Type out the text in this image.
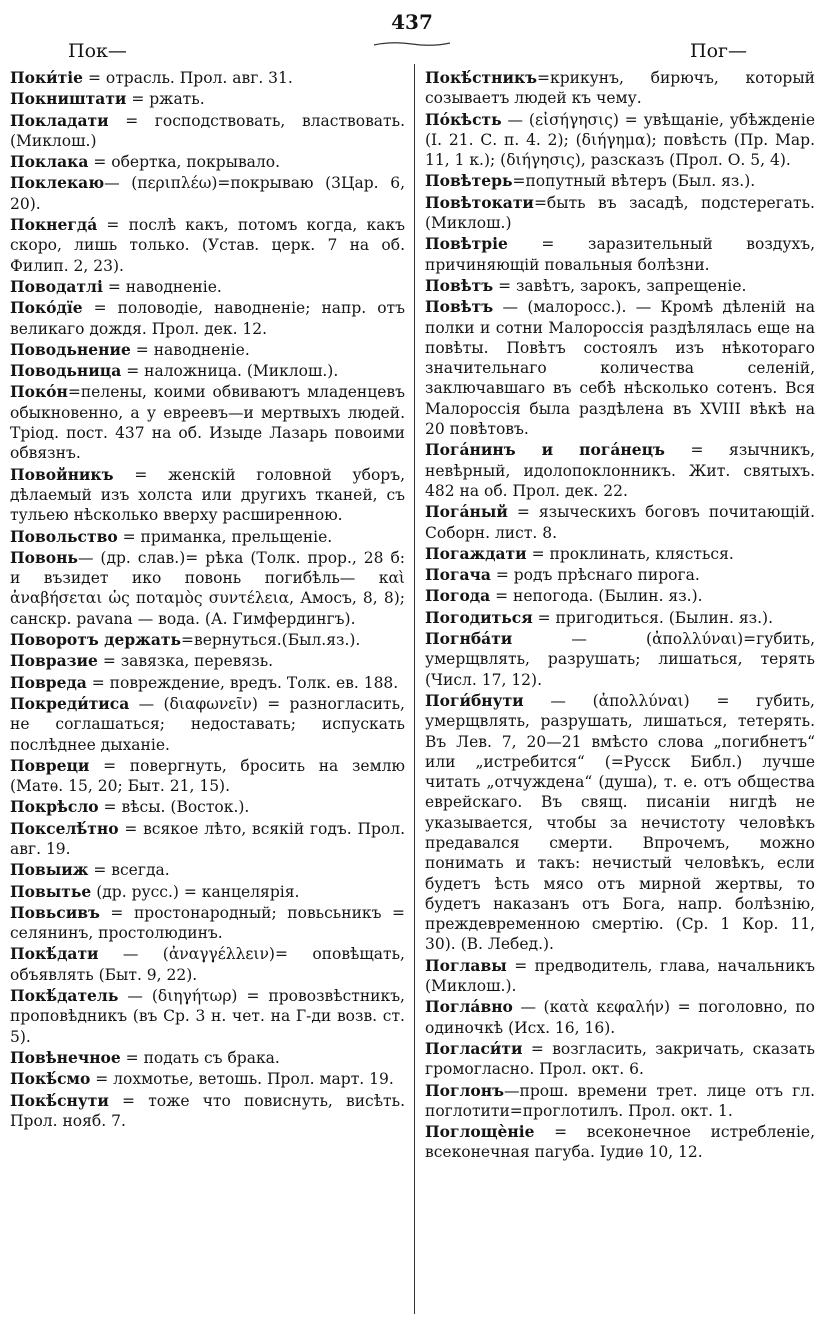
437
Пок—	Пог—
Поки́тіе = отрасль. Прол. авг. 31.
Покништати = ржать.
Покладати = господствовать, властвовать. (Миклош.)
Поклака = обертка, покрывало.
Поклекаю— (περιπλέω)=покрываю (3Цар. 6, 20).
Покнегда́ = послѣ какъ, потомъ когда, какъ скоро, лишь только. (Устав. церк. 7 на об. Филип. 2, 23).
Поводатлі = наводненіе.
Поко́дїе = половодіе, наводненіе; напр. отъ великаго дождя. Прол. дек. 12.
Поводьнение = наводненіе.
Поводьница = наложница. (Миклош.).
Поко́н=пелены, коими обвиваютъ младенцевъ обыкновенно, а у евреевъ—и мертвыхъ людей. Тріод. пост. 437 на об. Изыде Лазарь повоими обвязнъ.
Повойникъ = женскій головной уборъ, дѣлаемый изъ холста или другихъ тканей, съ тульею нѣсколько вверху расширенною.
Повольство = приманка, прельщеніе.
Повонь— (др. слав.)= рѣка (Толк. прор., 28 б: и възидет ико повонь погибѣль— καὶ ἀναβήσεται ὡς ποταμὸς συντέλεια, Амосъ, 8, 8); санскр. pavana — вода. (А. Гимфердингъ).
Поворотъ держать=вернуться.(Был.яз.).
Повразие = завязка, перевязь.
Повреда = повреждение, вредъ. Толк. ев. 188.
Покреди́тиса — (διαφωνεῖν) = разногласить, не соглашаться; недоставать; испускать послѣднее дыханіе.
Повреци = повергнуть, бросить на землю (Матѳ. 15, 20; Быт. 21, 15).
Покрѣсло = вѣсы. (Восток.).
Покселѣ́тно = всякое лѣто, всякій годъ. Прол. авг. 19.
Повыиж = всегда.
Повытье (др. русс.) = канцелярія.
Повьсивъ = простонародный; повьсьникъ = селянинъ, простолюдинъ.
Покѣ́дати — (ἀναγγέλλειν)= оповѣщать, объявлять (Быт. 9, 22).
Покѣ́датель — (διηγήτωρ) = провозвѣстникъ, проповѣдникъ (въ Ср. 3 н. чет. на Г-ди возв. ст. 5).
Повѣнечное = подать съ брака.
Покѣ́смо = лохмотье, ветошь. Прол. март. 19.
Покѣ́снути = тоже что повиснуть, висѣть. Прол. нояб. 7.
Покѣ́стникъ=крикунъ, бирючъ, который созываетъ людей къ чему.
По́кѣсть — (εἰσήγησις) = увѣщаніе, убѣжденіе (I. 21. С. п. 4. 2); (διήγημα); повѣсть (Пр. Мар. 11, 1 к.); (διήγησις), разсказъ (Прол. О. 5, 4).
Повѣтерь=попутный вѣтеръ (Был. яз.).
Повѣтокати=быть въ засадѣ, подстерегать. (Миклош.)
Повѣтріе = заразительный воздухъ, причиняющій повальныя болѣзни.
Повѣтъ = завѣтъ, зарокъ, запрещеніе.
Повѣтъ — (малоросс.). — Кромѣ дѣленій на полки и сотни Малороссія раздѣлялась еще на повѣты. Повѣтъ состоялъ изъ нѣкотораго значительнаго количества селеній, заключавшаго въ себѣ нѣсколько сотенъ. Вся Малороссія была раздѣлена въ XVIII вѣкѣ на 20 повѣтовъ.
Пога́нинъ и пога́нецъ = язычникъ, невѣрный, идолопоклонникъ. Жит. святыхъ. 482 на об. Прол. дек. 22.
Пога́ный = языческихъ боговъ почитающій. Соборн. лист. 8.
Погаждати = проклинать, клясться.
Погача = родъ прѣснаго пирога.
Погода = непогода. (Былин. яз.).
Погодиться = пригодиться. (Былин. яз.).
Погнба́ти — (ἀπολλύναι)=губить, умерщвлять, разрушать; лишаться, терять (Числ. 17, 12).
Поги́бнути — (ἀπολλύναι) = губить, умерщвлять, разрушать, лишаться, тетерять. Въ Лев. 7, 20—21 вмѣсто слова „погибнетъ“ или „истребится“ (=Русск Библ.) лучше читать „отчуждена“ (душа), т. е. отъ общества еврейскаго. Въ свящ. писаніи нигдѣ не указывается, чтобы за нечистоту человѣкъ предавался смерти. Впрочемъ, можно понимать и такъ: нечистый человѣкъ, если будетъ ѣсть мясо отъ мирной жертвы, то будетъ наказанъ отъ Бога, напр. болѣзнію, преждевременною смертію. (Ср. 1 Кор. 11, 30). (В. Лебед.).
Поглавы = предводитель, глава, начальникъ (Миклош.).
Погла́вно — (κατὰ κεφαλήν) = поголовно, по одиночкѣ (Исх. 16, 16).
Погласи́ти = возгласить, закричать, сказать громогласно. Прол. окт. 6.
Поглонъ—прош. времени трет. лице отъ гл. поглотити=проглотилъ. Прол. окт. 1.
Поглощѐніе = всеконечное истребленіе, всеконечная пагуба. Іудиѳ 10, 12.
